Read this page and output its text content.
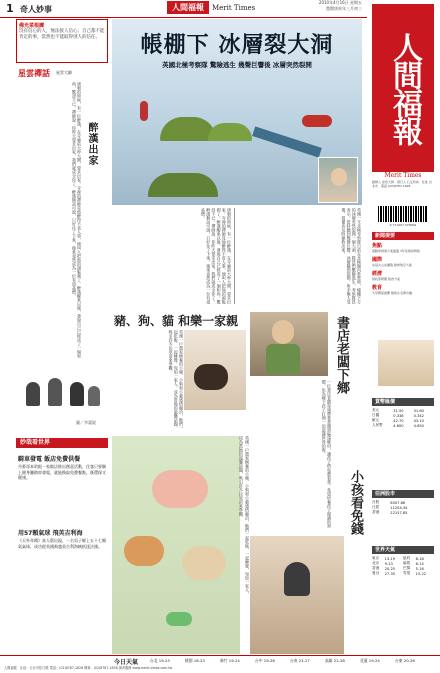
1 奇人妙事	人間福報	Merit Times
2010年4月16日 星期五
農曆庚寅年三月初三
佛光菜根譚
沒有信心的人，無法接人信心；自己都不能肯定的事，當然也不能取得別人的信任。
星雲禪話 星雲大師
醉漢出家
唐朝的時候，有一位醉漢，在寺廟前大吵大鬧，要求出家。寺裡的禪師見他醉得不省人事，便叫人把他的頭髮剃了。醉漢醒來以後，發現自己已經成了一個和尚，驚訝不已。禪師說：你昨天要求出家，我們就成全你了。醉漢無話可說，只好住了下來，後來竟然成為一位有道高僧。
圖／李蕭錕
妙哉看世界
騎車發電 飯店免費供餐
丹麥哥本哈根一家飯店推出創意活動，住客只要騎上健身腳踏車發電，就能換取免費餐點，既環保又健康。
用57顆氣球 飛英吉利海
《天外奇蹟》真人版出現，一名男子綁上五十七顆氦氣球，成功從英國飛越英吉利海峽抵達法國。
帳棚下 冰層裂大洞
英國北極考察隊 驚險逃生 幾聲巨響後 冰層突然裂開
英國一支北極考察隊日前在北極圈內紮營時，帳棚下方的冰層突然裂開一個大洞，隊員們驚險逃生。考察隊員表示，當時聽到幾聲巨響，冰層隨即裂開，所幸無人受傷，裝備也及時搶救出來。
唐朝的時候，有一位醉漢，在寺廟前大吵大鬧，要求出家。寺裡的禪師見他醉得不省人事，便叫人把他的頭髮剃了。醉漢醒來以後，發現自己已經成了一個和尚，驚訝不已。禪師說：你昨天要求出家，我們就成全你了。醉漢無話可說，只好住了下來，後來竟然成為一位有道高僧。
豬、狗、貓 和樂一家親
英國一戶農家飼養的小豬、小狗和小貓感情融洽，牠們一起吃飯、一起睡覺，宛如一家人，成為當地的溫馨話題，吸引許多民眾前來參觀。
英國一戶農家飼養的小豬、小狗和小貓感情融洽，牠們一起吃飯、一起睡覺，宛如一家人，成為當地的溫馨話題，吸引許多民眾前來參觀。
書店老闆下鄉
小孩看免錢
一位書店老闆每週帶著書籍到偏遠鄉村，讓孩子們免費看書，希望培養孩子閱讀的習慣，也為鄉下孩子打開一扇認識世界的窗。
人間福報
Merit Times
創辦人 星雲大師　發行人 心定和尚　社址 台北市　電話 (02)8787-1828
9 771607 978009
新聞提要
焦點
電動車發展方案通過 3年免徵貨物稅
國際
冰島火山灰擴散 歐洲航空大亂
經濟
財政部研擬 稅改方案
教育
大學繁星推薦 錄取生名單出爐
貨幣匯價
美元	31.50	31.60
日圓	0.338	0.342
歐元	42.70	43.10
人民幣	4.600	4.650
亞洲股市
台股	8007.86
日經	11204.34
香港	22157.85
世界天氣
東京	13-19	紐約	8-18
北京	9-23	倫敦	6-14
香港	20-25	巴黎	5-16
曼谷	27-35	雪梨	15-22
今日天氣	台北 19-23	桃園 18-23	新竹 19-24	台中 19-26	台南 21-27	高雄 22-28	花蓮 19-24	台東 20-26
人間福報　社址：台北市松江路 電話：(02)8787-1828 傳真：(02)8787-1838 讀者服務 www.merit-times.com.tw
